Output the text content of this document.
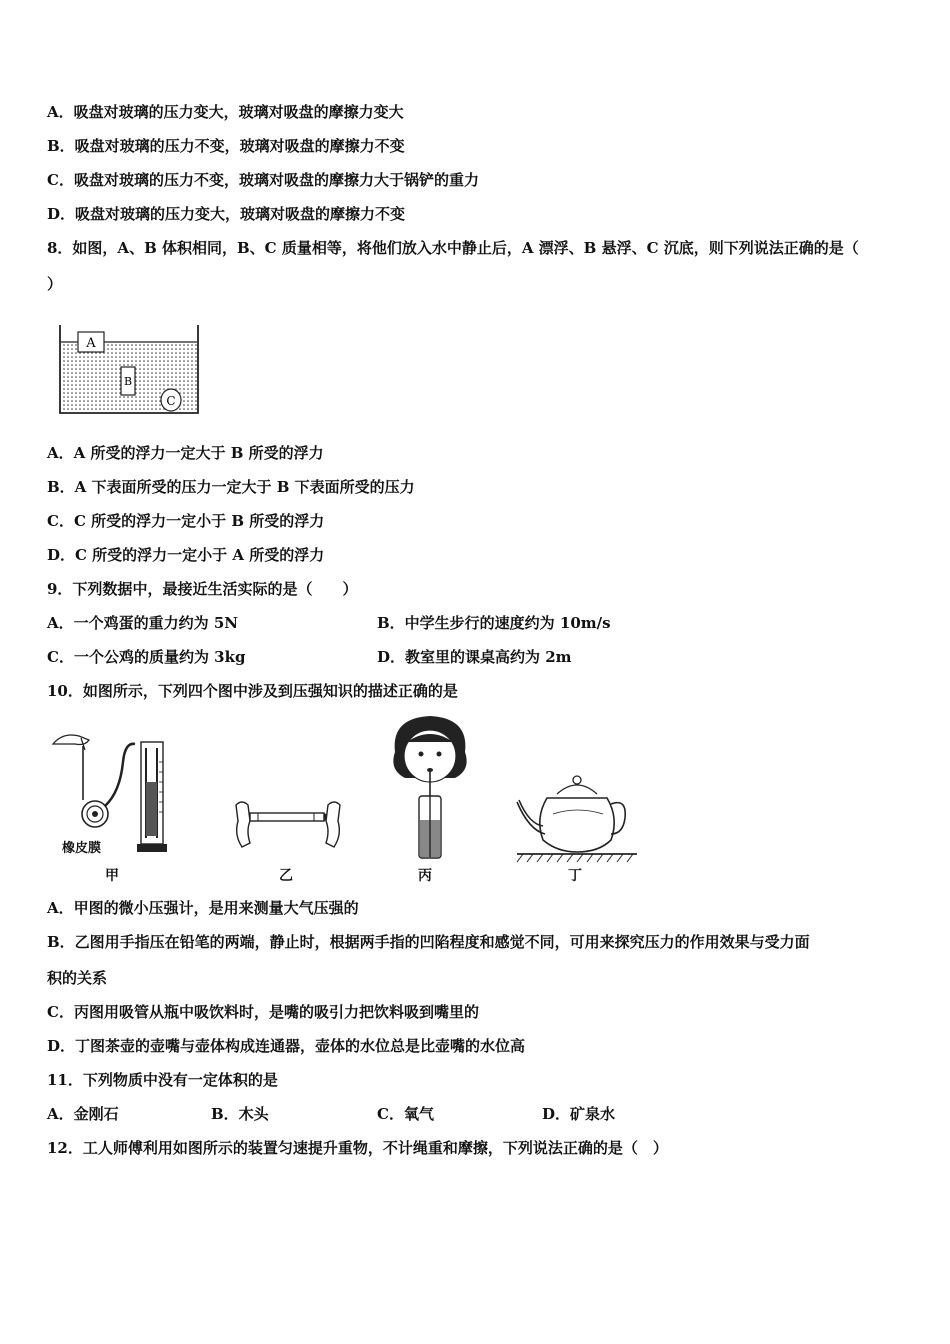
A．吸盘对玻璃的压力变大，玻璃对吸盘的摩擦力变大
B．吸盘对玻璃的压力不变，玻璃对吸盘的摩擦力不变
C．吸盘对玻璃的压力不变，玻璃对吸盘的摩擦力大于锅铲的重力
D．吸盘对玻璃的压力变大，玻璃对吸盘的摩擦力不变
8．如图，A、B 体积相同，B、C 质量相等，将他们放入水中静止后，A 漂浮、B 悬浮、C 沉底，则下列说法正确的是（
）
A
B
C
A．A 所受的浮力一定大于 B 所受的浮力
B．A 下表面所受的压力一定大于 B 下表面所受的压力
C．C 所受的浮力一定小于 B 所受的浮力
D．C 所受的浮力一定小于 A 所受的浮力
9．下列数据中，最接近生活实际的是（　　）
A．一个鸡蛋的重力约为 5N	B．中学生步行的速度约为 10m/s
C．一个公鸡的质量约为 3kg	D．教室里的课桌高约为 2m
10．如图所示，下列四个图中涉及到压强知识的描述正确的是
橡皮膜
甲	乙	丙	丁
A．甲图的微小压强计，是用来测量大气压强的
B．乙图用手指压在铅笔的两端，静止时，根据两手指的凹陷程度和感觉不同，可用来探究压力的作用效果与受力面
积的关系
C．丙图用吸管从瓶中吸饮料时，是嘴的吸引力把饮料吸到嘴里的
D．丁图茶壶的壶嘴与壶体构成连通器，壶体的水位总是比壶嘴的水位高
11．下列物质中没有一定体积的是
A．金刚石	B．木头	C．氧气	D．矿泉水
12．工人师傅利用如图所示的装置匀速提升重物，不计绳重和摩擦，下列说法正确的是（　）
